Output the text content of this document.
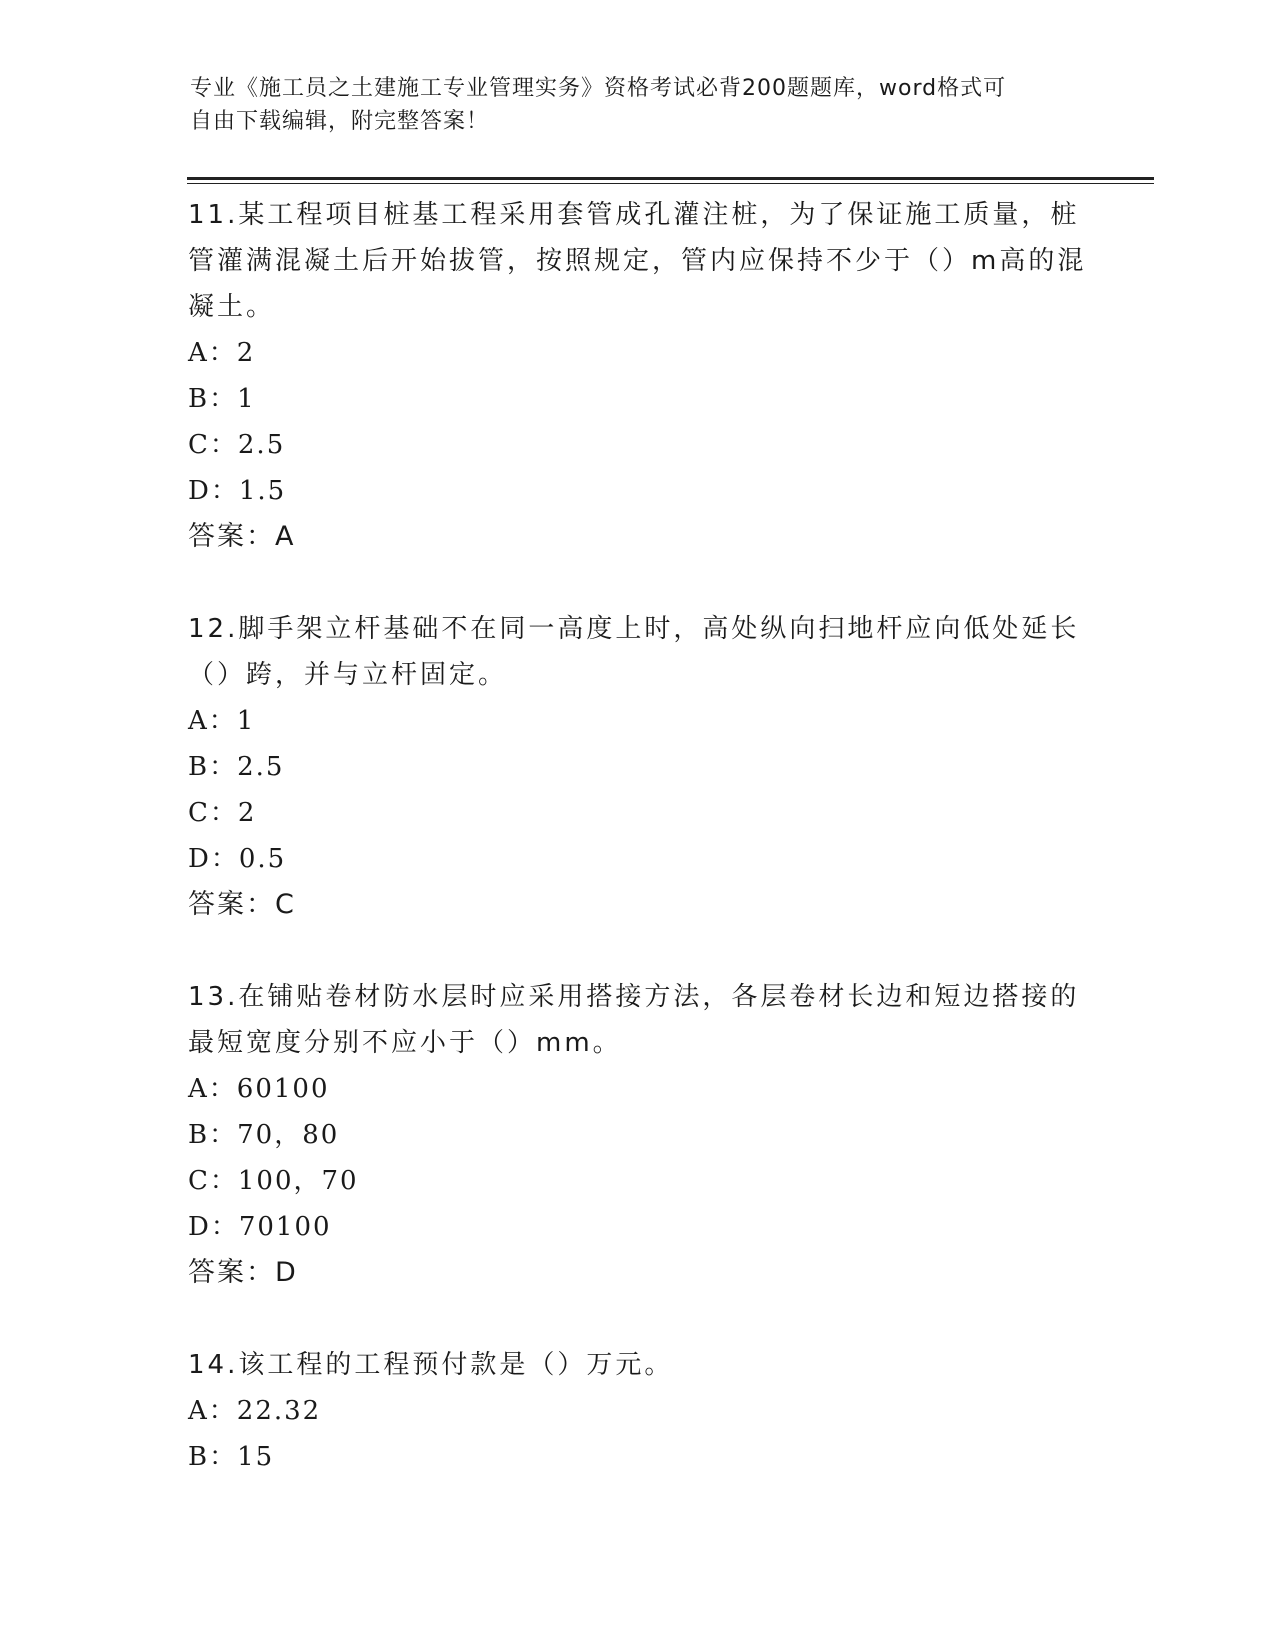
专业《施工员之土建施工专业管理实务》资格考试必背200题题库，word格式可
自由下载编辑，附完整答案！
11.某工程项目桩基工程采用套管成孔灌注桩，为了保证施工质量，桩管灌满混凝土后开始拔管，按照规定，管内应保持不少于（）m高的混凝土。
A：2
B：1
C：2.5
D：1.5
答案：A
12.脚手架立杆基础不在同一高度上时，高处纵向扫地杆应向低处延长（）跨，并与立杆固定。
A：1
B：2.5
C：2
D：0.5
答案：C
13.在铺贴卷材防水层时应采用搭接方法，各层卷材长边和短边搭接的最短宽度分别不应小于（）mm。
A：60100
B：70，80
C：100，70
D：70100
答案：D
14.该工程的工程预付款是（）万元。
A：22.32
B：15
